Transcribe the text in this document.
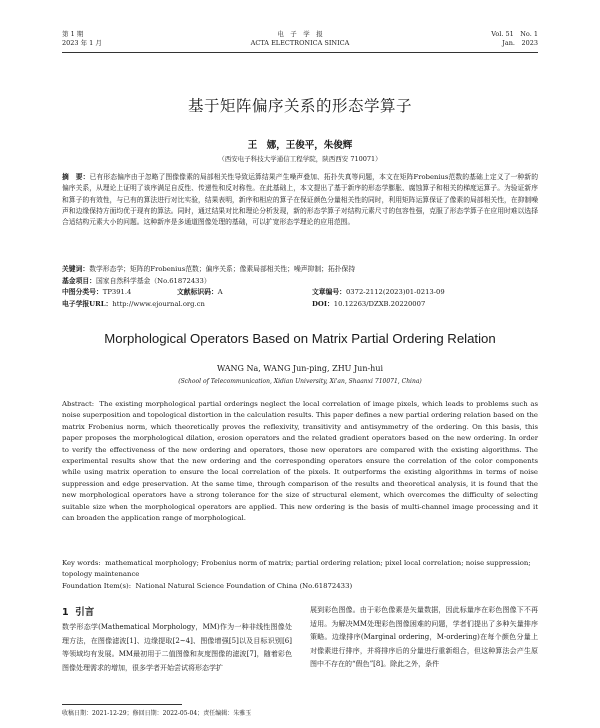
第 1 期
2023 年 1 月
电　子　学　报
ACTA ELECTRONICA SINICA
Vol. 51　No. 1
Jan.　2023
基于矩阵偏序关系的形态学算子
王　娜，王俊平，朱俊辉
（西安电子科技大学通信工程学院，陕西西安 710071）
摘　要：已有形态偏序由于忽略了图像像素的局部相关性导致运算结果产生噪声叠加、拓扑失真等问题，本文在矩阵Frobenius范数的基础上定义了一种新的偏序关系，从理论上证明了该序满足自反性、传递性和反对称性。在此基础上，本文提出了基于新序的形态学膨胀、腐蚀算子和相关的梯度运算子。为验证新序和算子的有效性，与已有的算法进行对比实验，结果表明，新序和相应的算子在保证颜色分量相关性的同时，利用矩阵运算保证了像素的局部相关性，在抑制噪声和边缘保持方面均优于现有的算法。同时，通过结果对比和理论分析发现，新的形态学算子对结构元素尺寸的包容性强，克服了形态学算子在应用时难以选择合适结构元素大小的问题。这种新序是多通道图像处理的基础，可以扩宽形态学理论的应用范围。
关键词：数学形态学；矩阵的Frobenius范数；偏序关系；像素局部相关性；噪声抑制；拓扑保持
基金项目：国家自然科学基金（No.61872433）
中图分类号：TP391.4	文献标识码：A	文章编号：0372-2112(2023)01-0213-09
电子学报URL：http://www.ejournal.org.cn	DOI：10.12263/DZXB.20220007
Morphological Operators Based on Matrix Partial Ordering Relation
WANG Na, WANG Jun-ping, ZHU Jun-hui
(School of Telecommunication, Xidian University, Xi'an, Shaanxi 710071, China)
Abstract: The existing morphological partial orderings neglect the local correlation of image pixels, which leads to problems such as noise superposition and topological distortion in the calculation results. This paper defines a new partial ordering relation based on the matrix Frobenius norm, which theoretically proves the reflexivity, transitivity and antisymmetry of the ordering. On this basis, this paper proposes the morphological dilation, erosion operators and the related gradient operators based on the new ordering. In order to verify the effectiveness of the new ordering and operators, those new operators are compared with the existing algorithms. The experimental results show that the new ordering and the corresponding operators ensure the correlation of the color components while using matrix operation to ensure the local correlation of the pixels. It outperforms the existing algorithms in terms of noise suppression and edge preservation. At the same time, through comparison of the results and theoretical analysis, it is found that the new morphological operators have a strong tolerance for the size of structural element, which overcomes the difficulty of selecting suitable size when the morphological operators are applied. This new ordering is the basis of multi-channel image processing and it can broaden the application range of morphological.
Key words: mathematical morphology; Frobenius norm of matrix; partial ordering relation; pixel local correlation; noise suppression; topology maintenance
Foundation Item(s): National Natural Science Foundation of China (No.61872433)
1 引言
数学形态学(Mathematical Morphology，MM)作为一种非线性图像处理方法，在图像滤波[1]、边缘提取[2~4]、图像增强[5]以及目标识别[6]等领域均有发展。MM最初用于二值图像和灰度图像的滤波[7]，随着彩色图像处理需求的增加，很多学者开始尝试将形态学扩
展到彩色图像。由于彩色像素是矢量数据，因此标量序在彩色图像下不再适用。为解决MM处理彩色图像困难的问题，学者们提出了多种矢量排序策略。边缘排序(Marginal ordering，M-ordering)在每个颜色分量上对像素进行排序，并将排序后的分量进行重新组合，但这种算法会产生原图中不存在的“假色”[8]。除此之外，条件
收稿日期：2021-12-29；修回日期：2022-05-04；责任编辑：朱雅玉
